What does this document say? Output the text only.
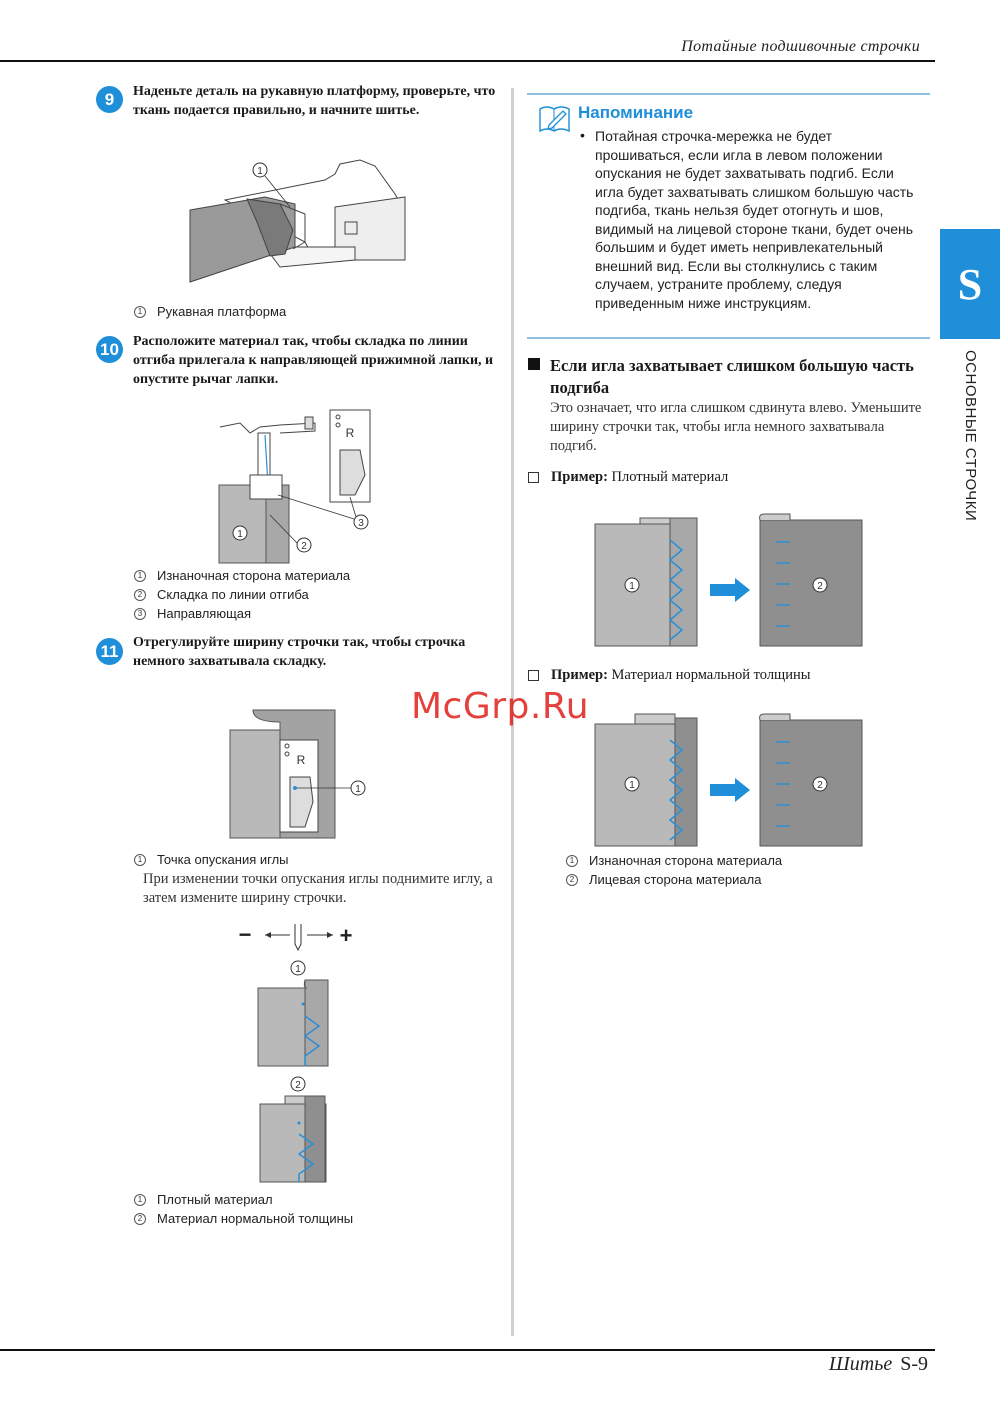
Потайные подшивочные строчки
9	Наденьте деталь на рукавную платформу, проверьте, что ткань подается правильно, и начните шитье.
1
1 Рукавная платформа
10 Расположите материал так, чтобы складка по линии отгиба прилегала к направляющей прижимной лапки, и опустите рычаг лапки.
R
1
2
3
1 Изнаночная сторона материала
2 Складка по линии отгиба
3 Направляющая
11	Отрегулируйте ширину строчки так, чтобы строчка немного захватывала складку.
R
1
1 Точка опускания иглы
При изменении точки опускания иглы поднимите иглу, а затем измените ширину строчки.
−	+
1
2
1 Плотный материал
2 Материал нормальной толщины
Напоминание
• Потайная строчка-мережка не будет прошиваться, если игла в левом положении опускания не будет захватывать подгиб. Если игла будет захватывать слишком большую часть подгиба, ткань нельзя будет отогнуть и шов, видимый на лицевой стороне ткани, будет очень большим и будет иметь непривлекательный внешний вид. Если вы столкнулись с таким случаем, устраните проблему, следуя приведенным ниже инструкциям.
Если игла захватывает слишком большую часть подгиба
Это означает, что игла слишком сдвинута влево. Уменьшите ширину строчки так, чтобы игла немного захватывала подгиб.
Пример:
Плотный материал
1	2
Пример:
Материал нормальной толщины
1	2
1 Изнаночная сторона материала
2 Лицевая сторона материала
S
ОСНОВНЫЕ СТРОЧКИ
McGrp.Ru
Шитье S-9
